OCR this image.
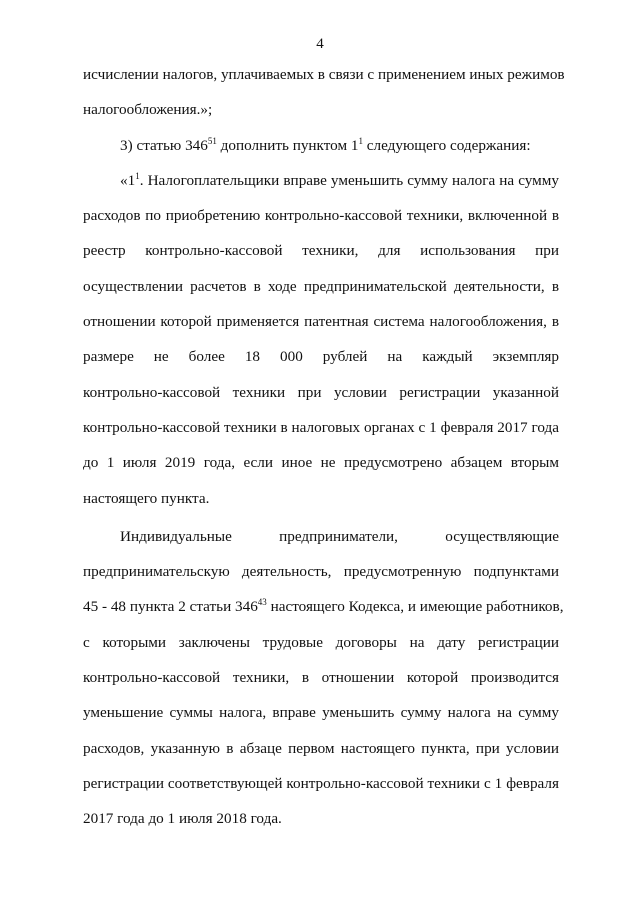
4
исчислении налогов, уплачиваемых в связи с применением иных режимов
налогообложения.»;
3) статью $346^{51}$ дополнить пунктом $1^1$ следующего содержания:
«$1^1$. Налогоплательщики вправе уменьшить сумму налога на сумму
расходов по приобретению контрольно-кассовой техники, включенной в
реестр контрольно-кассовой техники, для использования при
осуществлении расчетов в ходе предпринимательской деятельности, в
отношении которой применяется патентная система налогообложения, в
размере не более 18 000 рублей на каждый экземпляр
контрольно-кассовой техники при условии регистрации указанной
контрольно-кассовой техники в налоговых органах с 1 февраля 2017 года
до 1 июля 2019 года, если иное не предусмотрено абзацем вторым
настоящего пункта.
Индивидуальные предприниматели, осуществляющие
предпринимательскую деятельность, предусмотренную подпунктами
45 - 48 пункта 2 статьи $346^{43}$ настоящего Кодекса, и имеющие работников,
с которыми заключены трудовые договоры на дату регистрации
контрольно-кассовой техники, в отношении которой производится
уменьшение суммы налога, вправе уменьшить сумму налога на сумму
расходов, указанную в абзаце первом настоящего пункта, при условии
регистрации соответствующей контрольно-кассовой техники с 1 февраля
2017 года до 1 июля 2018 года.
